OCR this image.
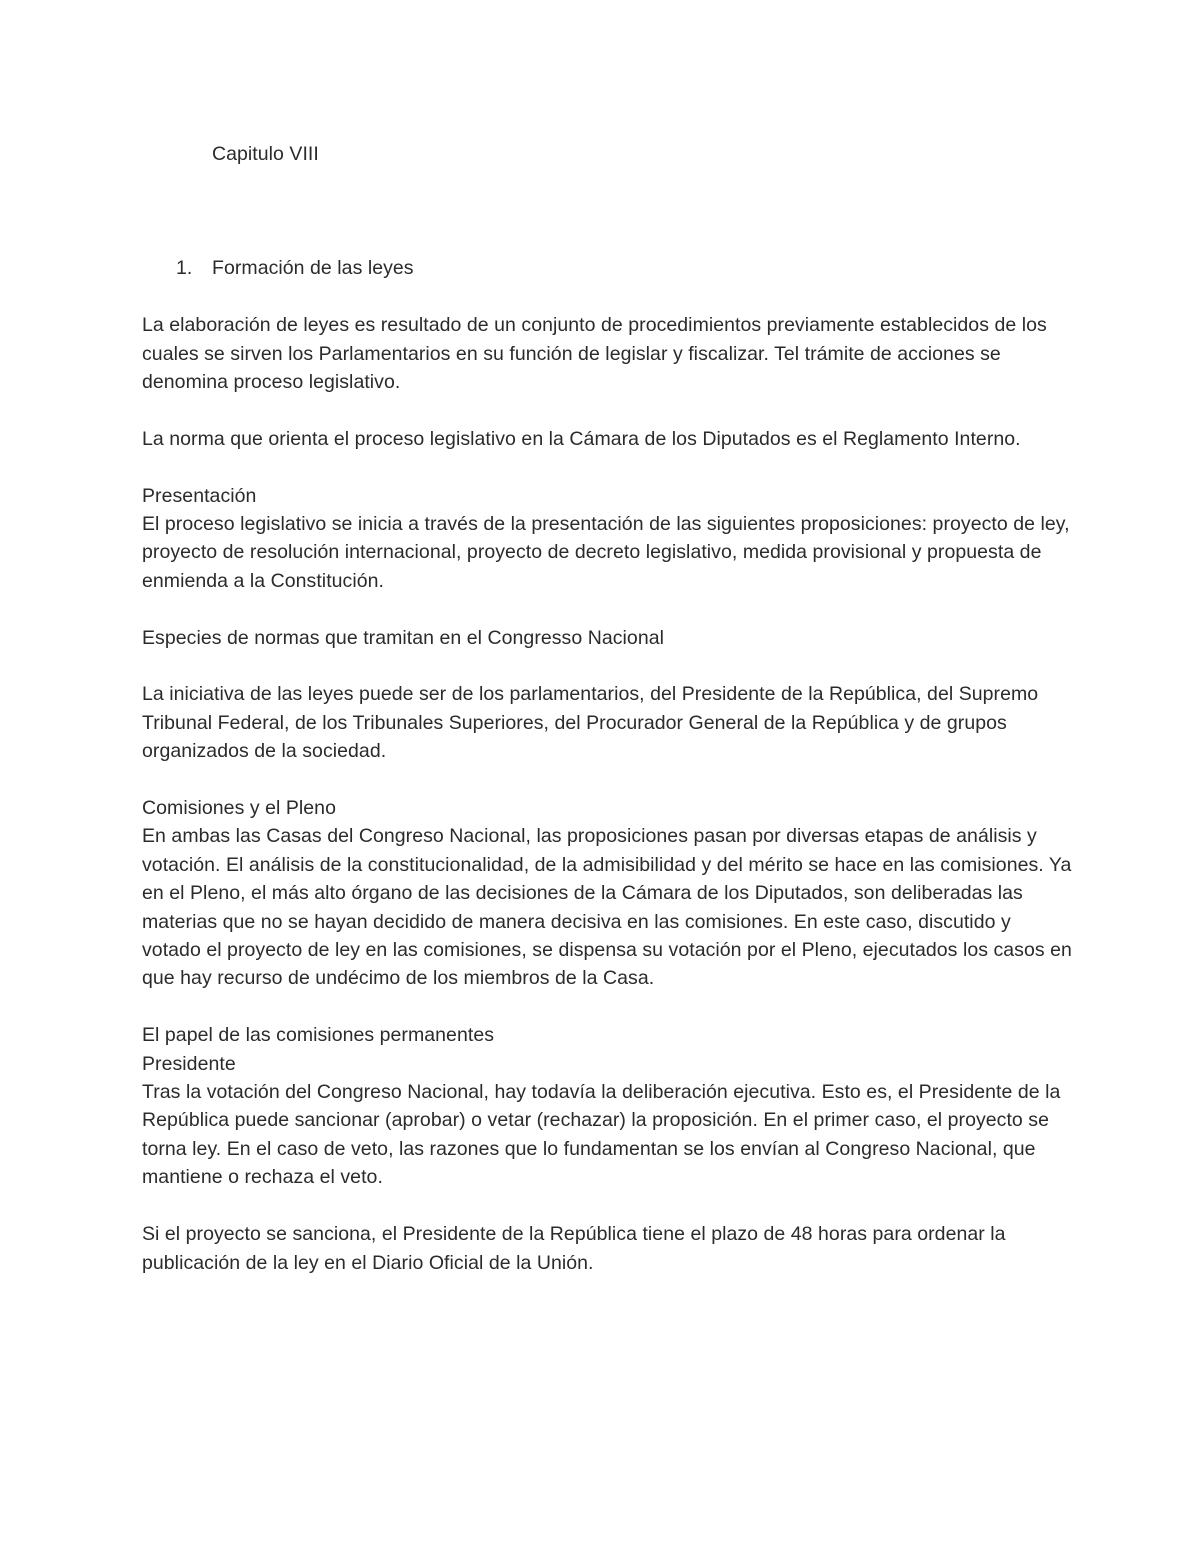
Capitulo VIII
1. Formación de las leyes

La elaboración de leyes es resultado de un conjunto de procedimientos previamente establecidos de los cuales se sirven los Parlamentarios en su función de legislar y fiscalizar. Tel trámite de acciones se denomina proceso legislativo.

La norma que orienta el proceso legislativo en la Cámara de los Diputados es el Reglamento Interno.

Presentación

El proceso legislativo se inicia a través de la presentación de las siguientes proposiciones: proyecto de ley, proyecto de resolución internacional, proyecto de decreto legislativo, medida provisional y propuesta de enmienda a la Constitución.

Especies de normas que tramitan en el Congresso Nacional

La iniciativa de las leyes puede ser de los parlamentarios, del Presidente de la República, del Supremo Tribunal Federal, de los Tribunales Superiores, del Procurador General de la República y de grupos organizados de la sociedad.

Comisiones y el Pleno

En ambas las Casas del Congreso Nacional, las proposiciones pasan por diversas etapas de análisis y votación. El análisis de la constitucionalidad, de la admisibilidad y del mérito se hace en las comisiones. Ya en el Pleno, el más alto órgano de las decisiones de la Cámara de los Diputados, son deliberadas las materias que no se hayan decidido de manera decisiva en las comisiones. En este caso, discutido y votado el proyecto de ley en las comisiones, se dispensa su votación por el Pleno, ejecutados los casos en que hay recurso de undécimo de los miembros de la Casa.

El papel de las comisiones permanentes
Presidente

Tras la votación del Congreso Nacional, hay todavía la deliberación ejecutiva. Esto es, el Presidente de la República puede sancionar (aprobar) o vetar (rechazar) la proposición. En el primer caso, el proyecto se torna ley. En el caso de veto, las razones que lo fundamentan se los envían al Congreso Nacional, que mantiene o rechaza el veto.

Si el proyecto se sanciona, el Presidente de la República tiene el plazo de 48 horas para ordenar la publicación de la ley en el Diario Oficial de la Unión.
